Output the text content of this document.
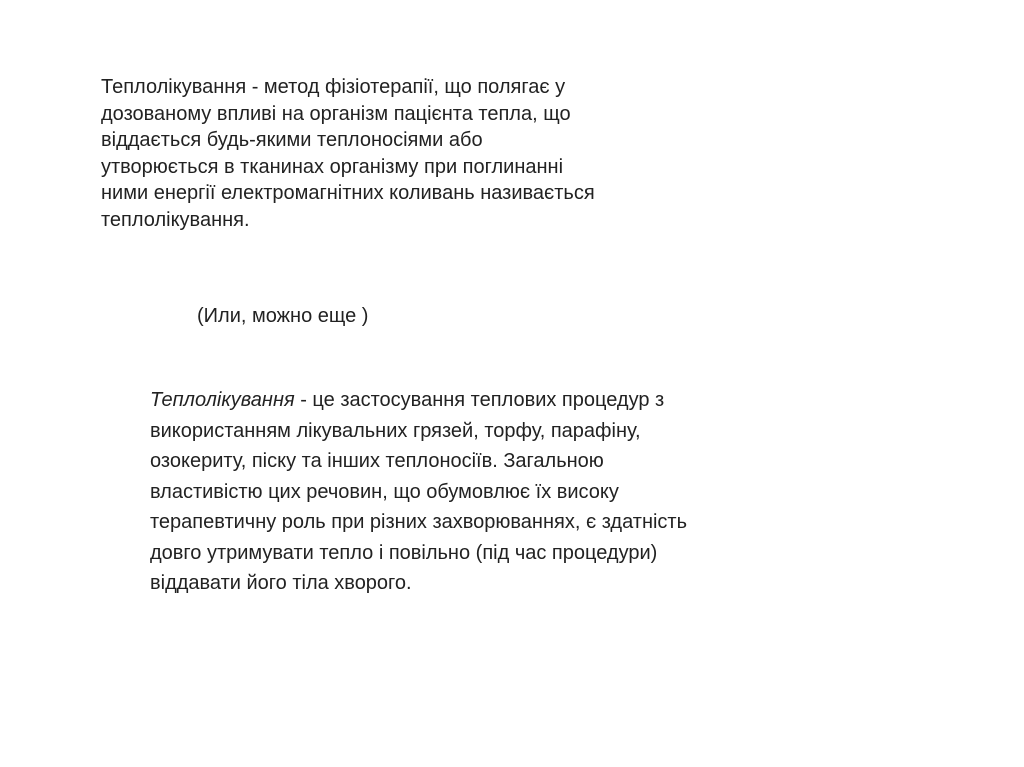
Теплолікування - метод фізіотерапії, що полягає у
дозованому впливі на організм пацієнта тепла, що
віддається будь-якими теплоносіями або
утворюється в тканинах організму при поглинанні
ними енергії електромагнітних коливань називається
теплолікування.
(Или, можно еще )
Теплолікування - це застосування теплових процедур з
використанням лікувальних грязей, торфу, парафіну,
озокериту, піску та інших теплоносіїв. Загальною
властивістю цих речовин, що обумовлює їх високу
терапевтичну роль при різних захворюваннях, є здатність
довго утримувати тепло і повільно (під час процедури)
віддавати його тіла хворого.
